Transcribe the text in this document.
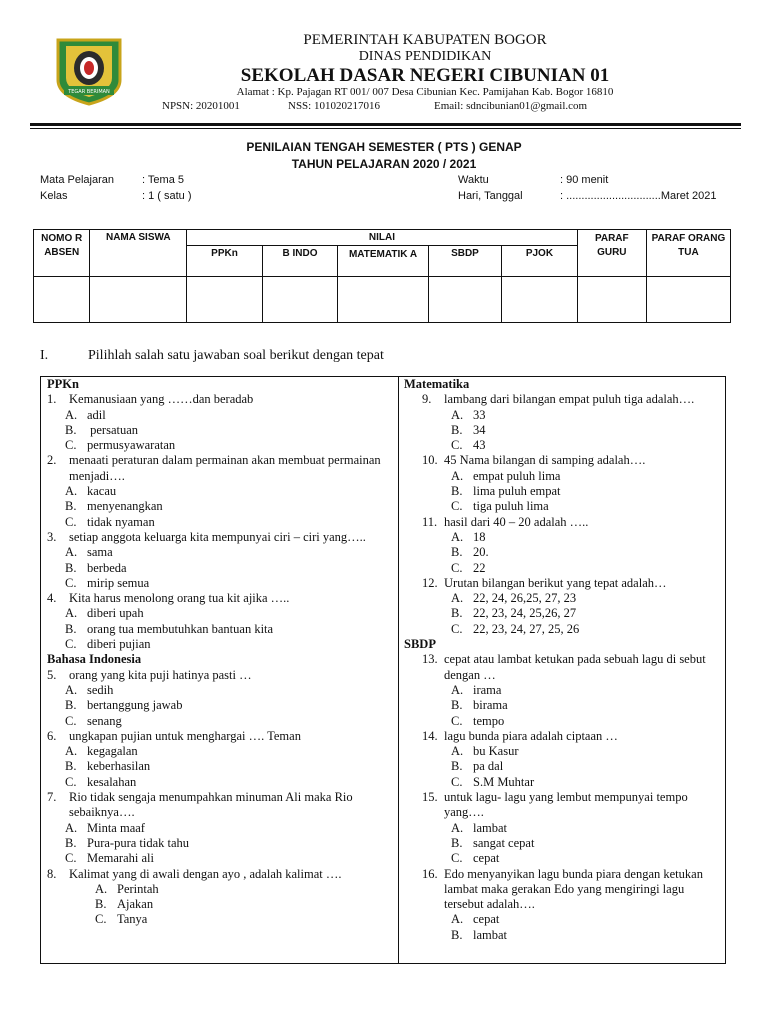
TEGAR BERIMAN
PEMERINTAH KABUPATEN BOGOR
DINAS PENDIDIKAN
SEKOLAH DASAR NEGERI CIBUNIAN 01
Alamat : Kp. Pajagan RT 001/ 007 Desa Cibunian Kec. Pamijahan Kab. Bogor 16810
NPSN: 20201001	NSS: 101020217016	Email: sdncibunian01@gmail.com
PENILAIAN TENGAH SEMESTER ( PTS ) GENAP
TAHUN PELAJARAN 2020 / 2021
Mata Pelajaran	: Tema 5
Kelas	: 1 ( satu )
Waktu	: 90 menit
Hari, Tanggal	: ...............................Maret 2021
NOMO R ABSEN	NAMA SISWA	NILAI					PARAF GURU	PARAF ORANG TUA
		PPKn	B INDO	MATEMATIK A	SBDP	PJOK		

I.	Pilihlah salah satu jawaban soal berikut dengan tepat
PPKn
1. Kemanusiaan yang ……dan beradab
A. adil
B. persatuan
C. permusyawaratan
2. menaati peraturan dalam permainan akan membuat permainan menjadi….
A. kacau
B. menyenangkan
C. tidak nyaman
3. setiap anggota keluarga kita mempunyai ciri – ciri yang…..
A. sama
B. berbeda
C. mirip semua
4. Kita harus menolong orang tua kit ajika …..
A. diberi upah
B. orang tua membutuhkan bantuan kita
C. diberi pujian
Bahasa Indonesia
5. orang yang kita puji hatinya pasti …
A. sedih
B. bertanggung jawab
C. senang
6. ungkapan pujian untuk menghargai …. Teman
A. kegagalan
B. keberhasilan
C. kesalahan
7. Rio tidak sengaja menumpahkan minuman Ali maka Rio sebaiknya….
A. Minta maaf
B. Pura-pura tidak tahu
C. Memarahi ali
8. Kalimat yang di awali dengan ayo , adalah kalimat ….
A. Perintah
B. Ajakan
C. Tanya
Matematika
9. lambang dari bilangan empat puluh tiga adalah….
A. 33
B. 34
C. 43
10. 45 Nama bilangan di samping adalah….
A. empat puluh lima
B. lima puluh empat
C. tiga puluh lima
11. hasil dari 40 – 20 adalah …..
A. 18
B. 20.
C. 22
12. Urutan bilangan berikut yang tepat adalah…
A. 22, 24, 26,25, 27, 23
B. 22, 23, 24, 25,26, 27
C. 22, 23, 24, 27, 25, 26
SBDP
13. cepat atau lambat ketukan pada sebuah lagu di sebut dengan …
A. irama
B. birama
C. tempo
14. lagu bunda piara adalah ciptaan …
A. bu Kasur
B. pa dal
C. S.M Muhtar
15. untuk lagu- lagu yang lembut mempunyai tempo yang….
A. lambat
B. sangat cepat
C. cepat
16. Edo menyanyikan lagu bunda piara dengan ketukan lambat maka gerakan Edo yang mengiringi lagu tersebut adalah….
A. cepat
B. lambat
